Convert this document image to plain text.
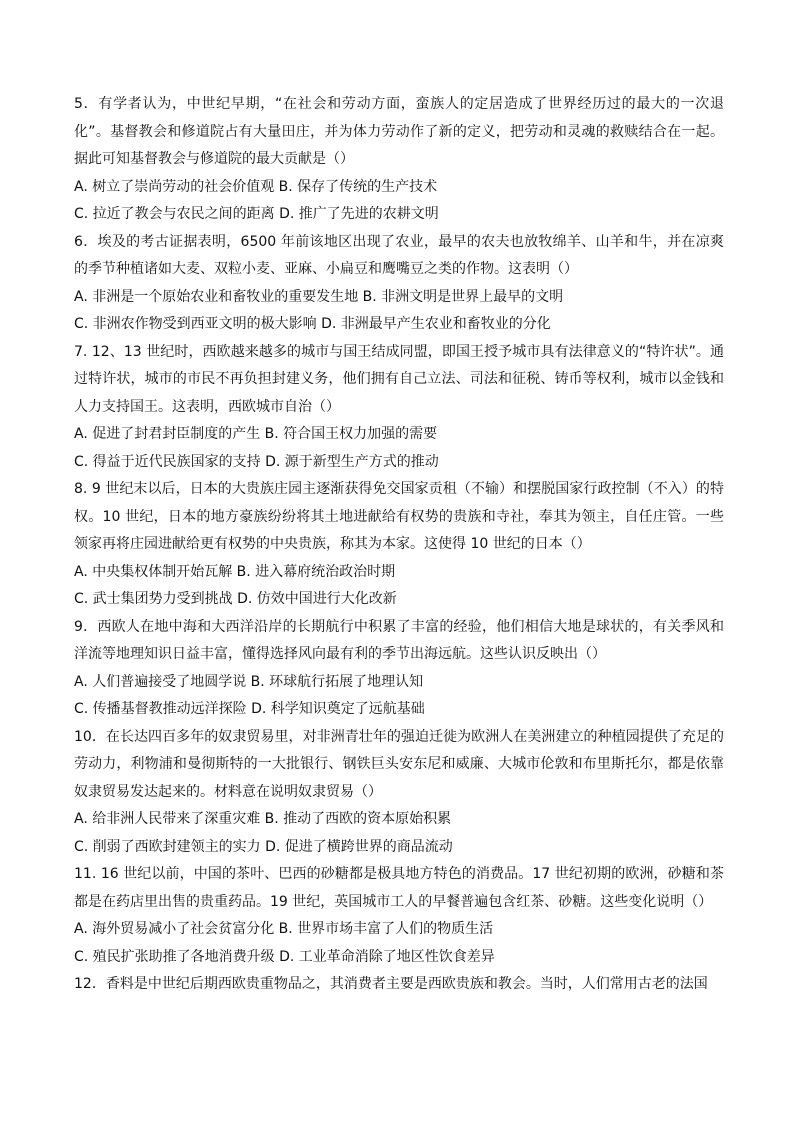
5．有学者认为，中世纪早期，“在社会和劳动方面，蛮族人的定居造成了世界经历过的最大的一次退化”。基督教会和修道院占有大量田庄，并为体力劳动作了新的定义，把劳动和灵魂的救赎结合在一起。据此可知基督教会与修道院的最大贡献是（）

A. 树立了崇尚劳动的社会价值观 B. 保存了传统的生产技术

C. 拉近了教会与农民之间的距离 D. 推广了先进的农耕文明

6．埃及的考古证据表明，6500 年前该地区出现了农业，最早的农夫也放牧绵羊、山羊和牛，并在凉爽的季节种植诸如大麦、双粒小麦、亚麻、小扁豆和鹰嘴豆之类的作物。这表明（）

A. 非洲是一个原始农业和畜牧业的重要发生地 B. 非洲文明是世界上最早的文明

C. 非洲农作物受到西亚文明的极大影响 D. 非洲最早产生农业和畜牧业的分化

7. 12、13 世纪时，西欧越来越多的城市与国王结成同盟，即国王授予城市具有法律意义的“特许状”。通过特许状，城市的市民不再负担封建义务，他们拥有自己立法、司法和征税、铸币等权利，城市以金钱和人力支持国王。这表明，西欧城市自治（）

A. 促进了封君封臣制度的产生 B. 符合国王权力加强的需要

C. 得益于近代民族国家的支持 D. 源于新型生产方式的推动

8. 9 世纪末以后，日本的大贵族庄园主逐渐获得免交国家贡租（不输）和摆脱国家行政控制（不入）的特权。10 世纪，日本的地方豪族纷纷将其土地进献给有权势的贵族和寺社，奉其为领主，自任庄管。一些领家再将庄园进献给更有权势的中央贵族，称其为本家。这使得 10 世纪的日本（）

A. 中央集权体制开始瓦解 B. 进入幕府统治政治时期

C. 武士集团势力受到挑战 D. 仿效中国进行大化改新

9．西欧人在地中海和大西洋沿岸的长期航行中积累了丰富的经验，他们相信大地是球状的，有关季风和洋流等地理知识日益丰富，懂得选择风向最有利的季节出海远航。这些认识反映出（）

A. 人们普遍接受了地圆学说 B. 环球航行拓展了地理认知

C. 传播基督教推动远洋探险 D. 科学知识奠定了远航基础

10．在长达四百多年的奴隶贸易里，对非洲青壮年的强迫迁徙为欧洲人在美洲建立的种植园提供了充足的劳动力，利物浦和曼彻斯特的一大批银行、钢铁巨头安东尼和威廉、大城市伦敦和布里斯托尔，都是依靠奴隶贸易发达起来的。材料意在说明奴隶贸易（）

A. 给非洲人民带来了深重灾难 B. 推动了西欧的资本原始积累

C. 削弱了西欧封建领主的实力 D. 促进了横跨世界的商品流动

11. 16 世纪以前，中国的茶叶、巴西的砂糖都是极具地方特色的消费品。17 世纪初期的欧洲，砂糖和茶都是在药店里出售的贵重药品。19 世纪，英国城市工人的早餐普遍包含红茶、砂糖。这些变化说明（）

A. 海外贸易减小了社会贫富分化 B. 世界市场丰富了人们的物质生活

C. 殖民扩张助推了各地消费升级 D. 工业革命消除了地区性饮食差异

12．香料是中世纪后期西欧贵重物品之，其消费者主要是西欧贵族和教会。当时，人们常用古老的法国
